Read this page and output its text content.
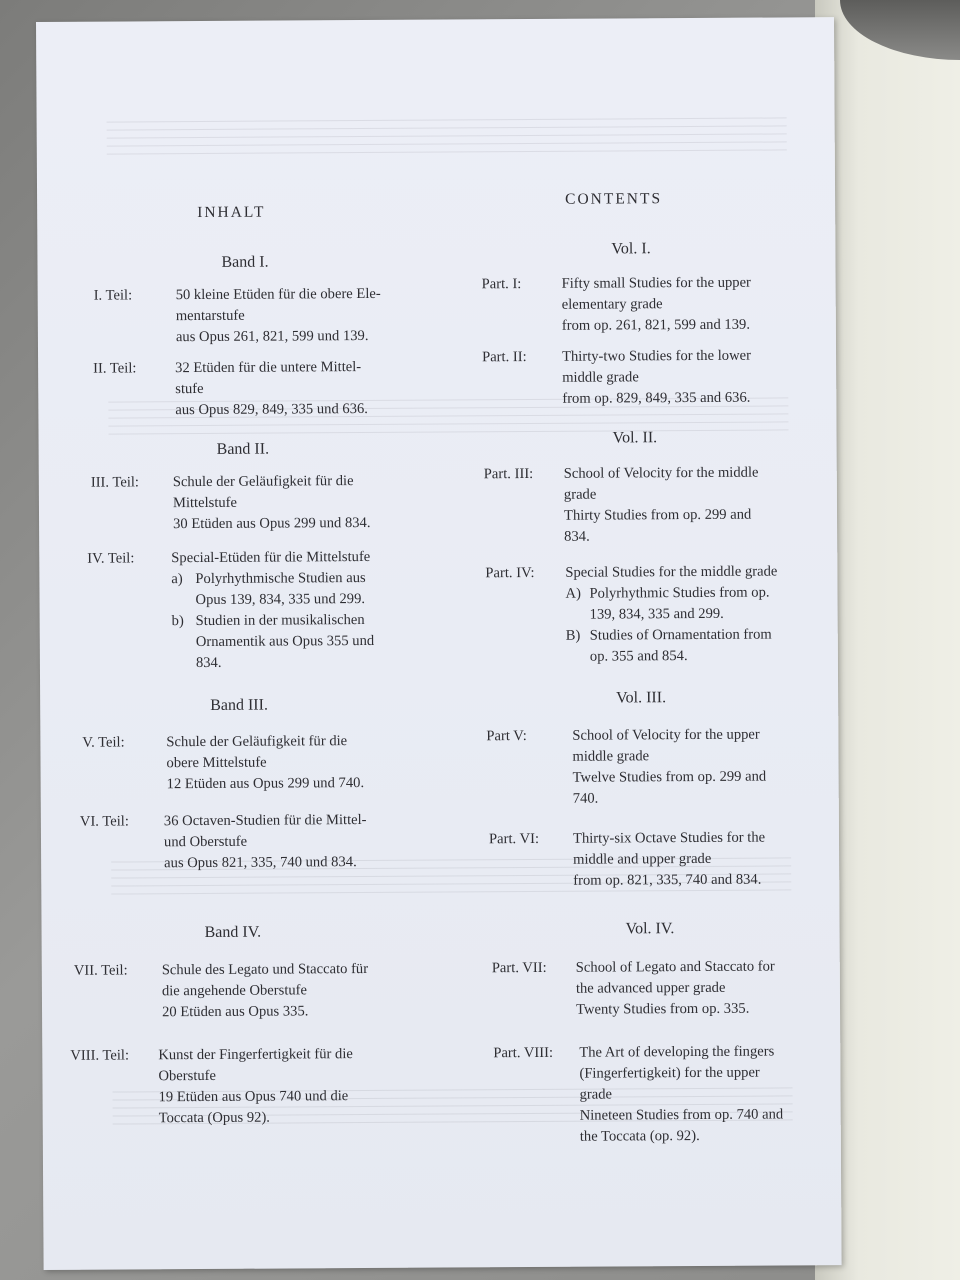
INHALT
Band I.
I. Teil:	50 kleine Etüden für die obere Ele-
mentarstufe
aus Opus 261, 821, 599 und 139.
II. Teil:	32 Etüden für die untere Mittel-
stufe
aus Opus 829, 849, 335 und 636.
Band II.
III. Teil: Schule der Geläufigkeit für die
Mittelstufe
30 Etüden aus Opus 299 und 834.
IV. Teil:	Special-Etüden für die Mittelstufe
a) Polyrhythmische Studien aus
Opus 139, 834, 335 und 299.
b) Studien in der musikalischen
Ornamentik aus Opus 355 und
834.
Band III.
V. Teil:	Schule der Geläufigkeit für die
obere Mittelstufe
12 Etüden aus Opus 299 und 740.
VI. Teil: 36 Octaven-Studien für die Mittel-
und Oberstufe
aus Opus 821, 335, 740 und 834.
Band IV.
VII. Teil: Schule des Legato und Staccato für
die angehende Oberstufe
20 Etüden aus Opus 335.
VIII. Teil: Kunst der Fingerfertigkeit für die
Oberstufe
19 Etüden aus Opus 740 und die
Toccata (Opus 92).
CONTENTS
Vol. I.
Part. I:	Fifty small Studies for the upper
elementary grade
from op. 261, 821, 599 and 139.
Part. II: Thirty-two Studies for the lower
middle grade
from op. 829, 849, 335 and 636.
Vol. II.
Part. III: School of Velocity for the middle
grade
Thirty Studies from op. 299 and
834.
Part. IV: Special Studies for the middle grade
A) Polyrhythmic Studies from op.
139, 834, 335 and 299.
B) Studies of Ornamentation from
op. 355 and 854.
Vol. III.
Part V:	School of Velocity for the upper
middle grade
Twelve Studies from op. 299 and
740.
Part. VI: Thirty-six Octave Studies for the
middle and upper grade
from op. 821, 335, 740 and 834.
Vol. IV.
Part. VII: School of Legato and Staccato for
the advanced upper grade
Twenty Studies from op. 335.
Part. VIII: The Art of developing the fingers
(Fingerfertigkeit) for the upper
grade
Nineteen Studies from op. 740 and
the Toccata (op. 92).
